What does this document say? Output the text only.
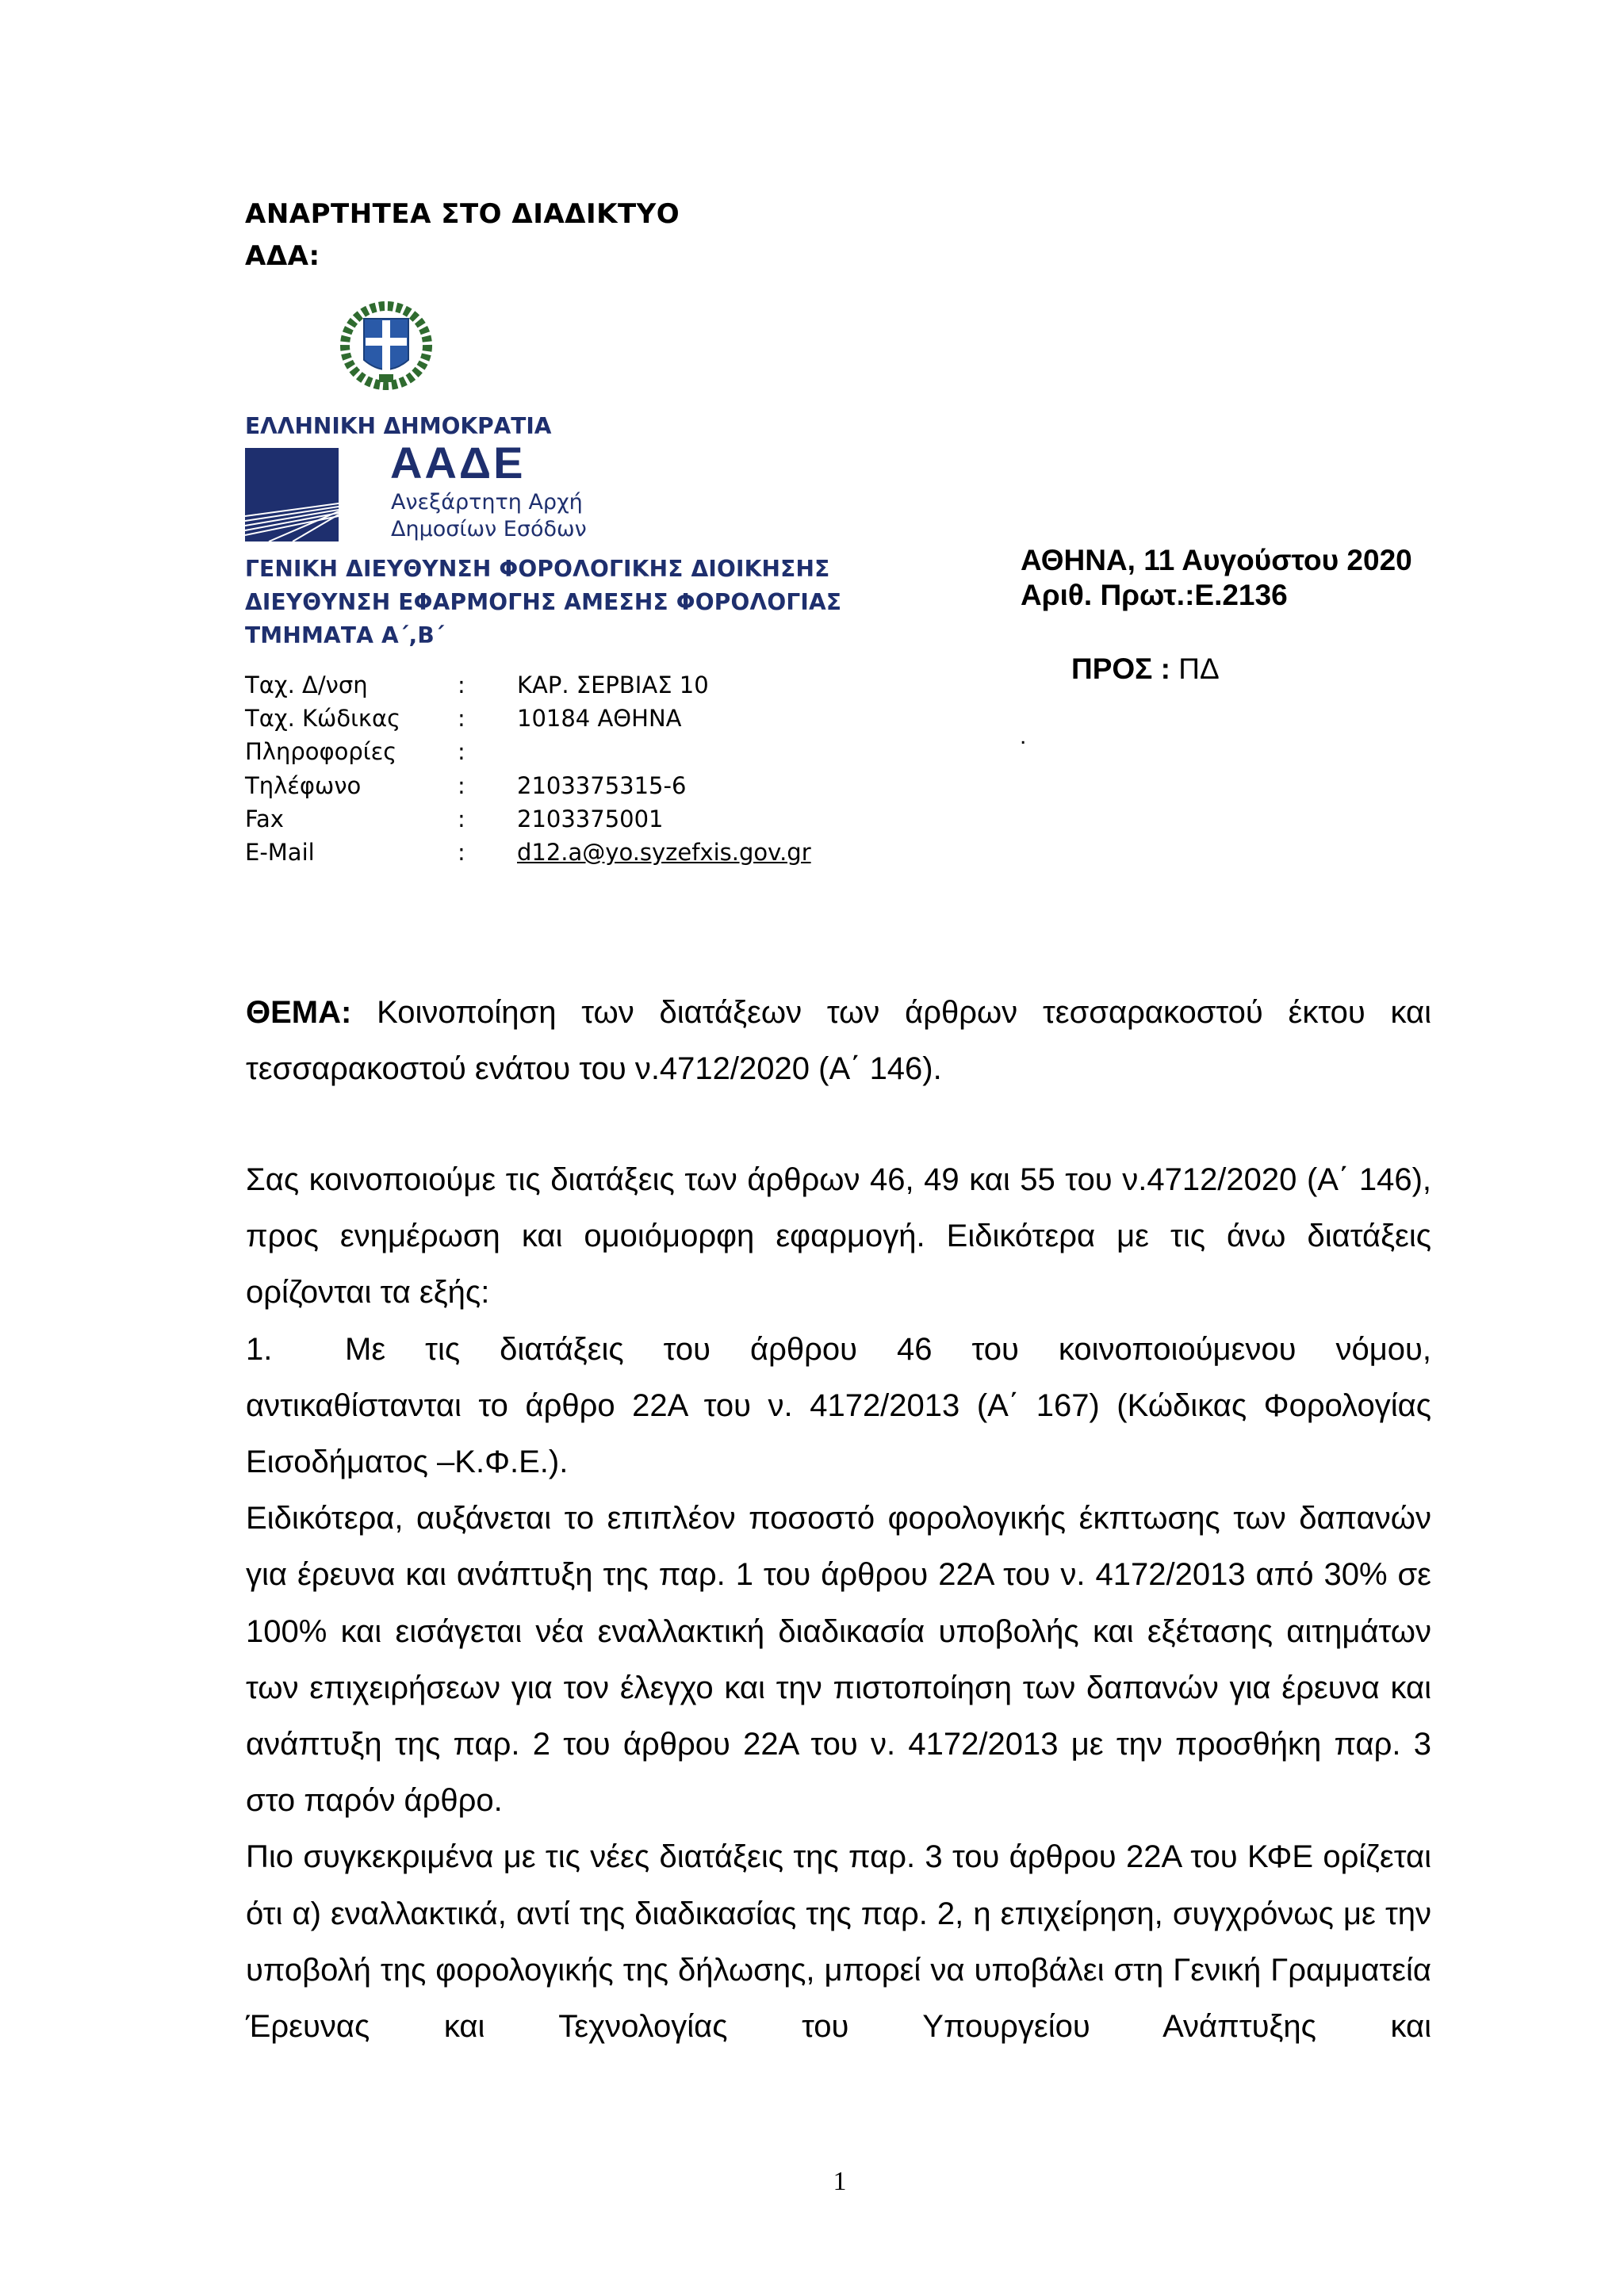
ΑΝΑΡΤΗΤΕΑ ΣΤΟ ΔΙΑΔΙΚΤΥΟ
ΑΔΑ:
ΕΛΛΗΝΙΚΗ ΔΗΜΟΚΡΑΤΙΑ
ΑΑΔΕ
Ανεξάρτητη Αρχή
Δημοσίων Εσόδων
ΓΕΝΙΚΗ ΔΙΕΥΘΥΝΣΗ ΦΟΡΟΛΟΓΙΚΗΣ ΔΙΟΙΚΗΣΗΣ
ΔΙΕΥΘΥΝΣΗ ΕΦΑΡΜΟΓΗΣ ΑΜΕΣΗΣ ΦΟΡΟΛΟΓΙΑΣ
ΤΜΗΜΑΤΑ Α΄,Β΄
Ταχ. Δ/νση	:	ΚΑΡ. ΣΕΡΒΙΑΣ 10
Ταχ. Κώδικας	:	10184 ΑΘΗΝΑ
Πληροφορίες	:
Τηλέφωνο	:	2103375315-6
Fax	:	2103375001
E-Mail	:	d12.a@yo.syzefxis.gov.gr
ΑΘΗΝΑ, 11 Αυγούστου 2020
Αριθ. Πρωτ.:Ε.2136
ΠΡΟΣ : ΠΔ
.

ΘΕΜΑ: Κοινοποίηση των διατάξεων των άρθρων τεσσαρακοστού έκτου και τεσσαρακοστού ενάτου του ν.4712/2020 (Α΄ 146).

Σας κοινοποιούμε τις διατάξεις των άρθρων 46, 49 και 55 του ν.4712/2020 (Α΄ 146), προς ενημέρωση και ομοιόμορφη εφαρμογή. Ειδικότερα με τις άνω διατάξεις ορίζονται τα εξής:

1. Με τις διατάξεις του άρθρου 46 του κοινοποιούμενου νόμου,

αντικαθίστανται το άρθρο 22Α του ν. 4172/2013 (Α΄ 167) (Κώδικας Φορολογίας Εισοδήματος –Κ.Φ.Ε.).

Ειδικότερα, αυξάνεται το επιπλέον ποσοστό φορολογικής έκπτωσης των δαπανών για έρευνα και ανάπτυξη της παρ. 1 του άρθρου 22Α του ν. 4172/2013 από 30% σε 100% και εισάγεται νέα εναλλακτική διαδικασία υποβολής και εξέτασης αιτημάτων των επιχειρήσεων για τον έλεγχο και την πιστοποίηση των δαπανών για έρευνα και ανάπτυξη της παρ. 2 του άρθρου 22Α του ν. 4172/2013 με την προσθήκη παρ. 3 στο παρόν άρθρο.

Πιο συγκεκριμένα με τις νέες διατάξεις της παρ. 3 του άρθρου 22Α του ΚΦΕ ορίζεται ότι α) εναλλακτικά, αντί της διαδικασίας της παρ. 2, η επιχείρηση, συγχρόνως με την υποβολή της φορολογικής της δήλωσης, μπορεί να υποβάλει στη Γενική Γραμματεία Έρευνας και Τεχνολογίας του Υπουργείου Ανάπτυξης και

1
